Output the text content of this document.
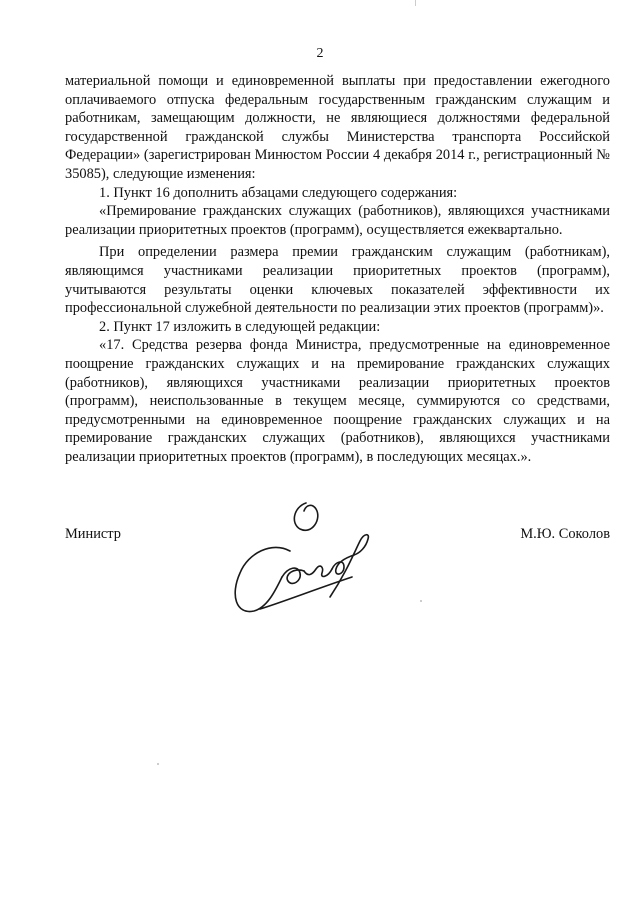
2

материальной помощи и единовременной выплаты при предоставлении ежегодного оплачиваемого отпуска федеральным государственным гражданским служащим и работникам, замещающим должности, не являющиеся должностями федеральной государственной гражданской службы Министерства транспорта Российской Федерации» (зарегистрирован Минюстом России 4 декабря 2014 г., регистрационный № 35085), следующие изменения:

1. Пункт 16 дополнить абзацами следующего содержания:

«Премирование гражданских служащих (работников), являющихся участниками реализации приоритетных проектов (программ), осуществляется ежеквартально.

При определении размера премии гражданским служащим (работникам), являющимся участниками реализации приоритетных проектов (программ), учитываются результаты оценки ключевых показателей эффективности их профессиональной служебной деятельности по реализации этих проектов (программ)».

2. Пункт 17 изложить в следующей редакции:

«17. Средства резерва фонда Министра, предусмотренные на единовременное поощрение гражданских служащих и на премирование гражданских служащих (работников), являющихся участниками реализации приоритетных проектов (программ), неиспользованные в текущем месяце, суммируются со средствами, предусмотренными на единовременное поощрение гражданских служащих и на премирование гражданских служащих (работников), являющихся участниками реализации приоритетных проектов (программ), в последующих месяцах.».

Министр	М.Ю. Соколов
